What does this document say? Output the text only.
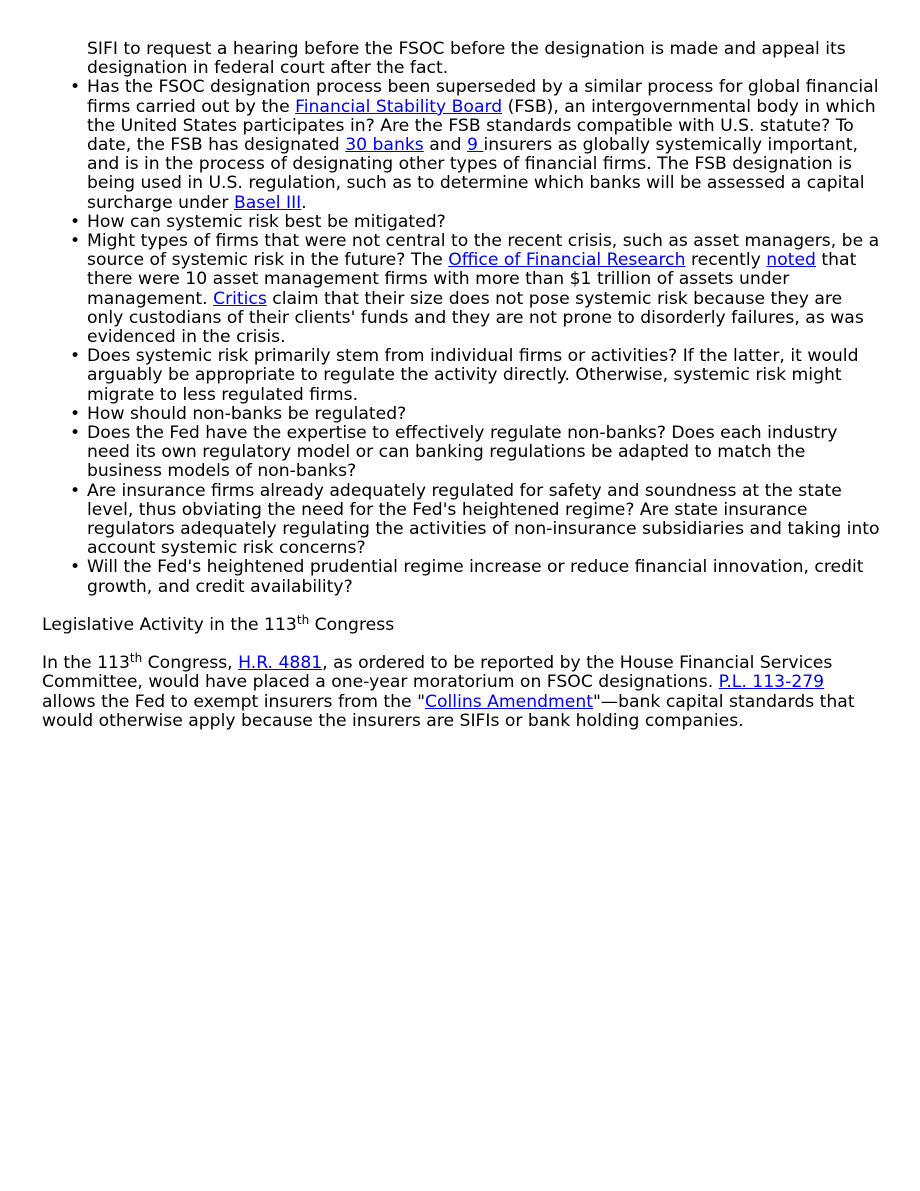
SIFI to request a hearing before the FSOC before the designation is made and appeal its designation in federal court after the fact.
• Has the FSOC designation process been superseded by a similar process for global financial firms carried out by the Financial Stability Board (FSB), an intergovernmental body in which the United States participates in? Are the FSB standards compatible with U.S. statute? To date, the FSB has designated 30 banks and 9 insurers as globally systemically important, and is in the process of designating other types of financial firms. The FSB designation is being used in U.S. regulation, such as to determine which banks will be assessed a capital surcharge under Basel III.
• How can systemic risk best be mitigated?
• Might types of firms that were not central to the recent crisis, such as asset managers, be a source of systemic risk in the future? The Office of Financial Research recently noted that there were 10 asset management firms with more than $1 trillion of assets under management. Critics claim that their size does not pose systemic risk because they are only custodians of their clients' funds and they are not prone to disorderly failures, as was evidenced in the crisis.
• Does systemic risk primarily stem from individual firms or activities? If the latter, it would arguably be appropriate to regulate the activity directly. Otherwise, systemic risk might migrate to less regulated firms.
• How should non-banks be regulated?
• Does the Fed have the expertise to effectively regulate non-banks? Does each industry need its own regulatory model or can banking regulations be adapted to match the business models of non-banks?
• Are insurance firms already adequately regulated for safety and soundness at the state level, thus obviating the need for the Fed's heightened regime? Are state insurance regulators adequately regulating the activities of non-insurance subsidiaries and taking into account systemic risk concerns?
• Will the Fed's heightened prudential regime increase or reduce financial innovation, credit growth, and credit availability?
Legislative Activity in the 113th Congress
In the 113th Congress, H.R. 4881, as ordered to be reported by the House Financial Services Committee, would have placed a one-year moratorium on FSOC designations. P.L. 113-279 allows the Fed to exempt insurers from the "Collins Amendment"—bank capital standards that would otherwise apply because the insurers are SIFIs or bank holding companies.
